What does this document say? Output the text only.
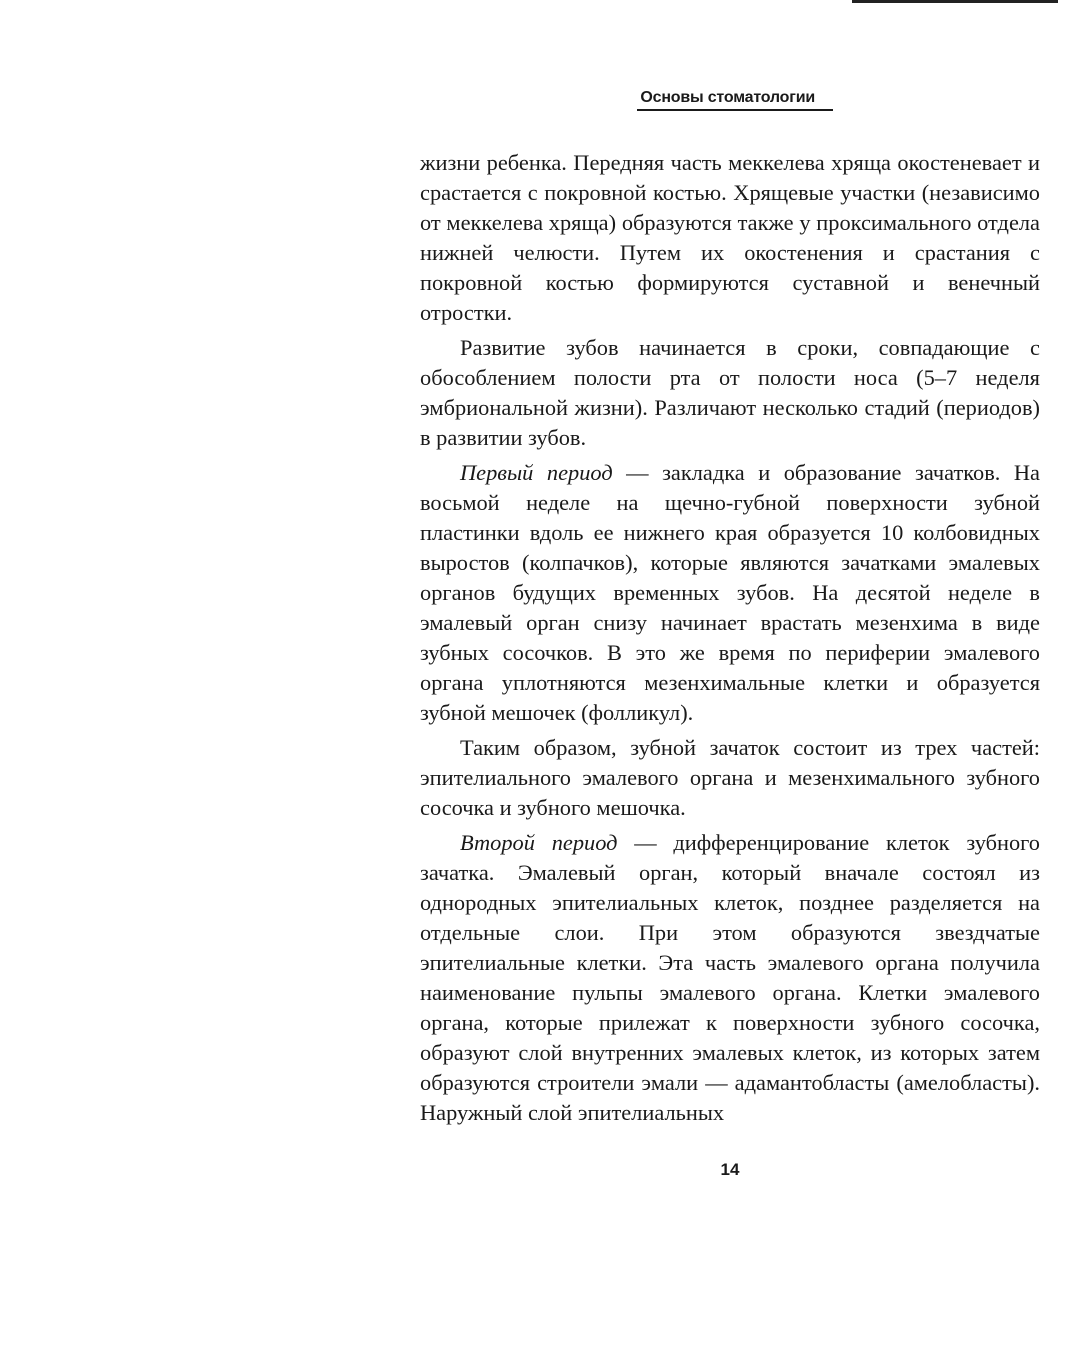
Основы стоматологии

жизни ребенка. Передняя часть меккелева хряща окостеневает и срастается с покровной костью. Хрящевые участки (независимо от меккелева хряща) образуются также у проксимального отдела нижней челюсти. Путем их окостенения и срастания с покровной костью формируются суставной и венечный отростки.

Развитие зубов начинается в сроки, совпадающие с обособлением полости рта от полости носа (5–7 неделя эмбриональной жизни). Различают несколько стадий (периодов) в развитии зубов.

Первый период — закладка и образование зачатков. На восьмой неделе на щечно-губной поверхности зубной пластинки вдоль ее нижнего края образуется 10 колбовидных выростов (колпачков), которые являются зачатками эмалевых органов будущих временных зубов. На десятой неделе в эмалевый орган снизу начинает врастать мезенхима в виде зубных сосочков. В это же время по периферии эмалевого органа уплотняются мезенхимальные клетки и образуется зубной мешочек (фолликул).

Таким образом, зубной зачаток состоит из трех частей: эпителиального эмалевого органа и мезенхимального зубного сосочка и зубного мешочка.

Второй период — дифференцирование клеток зубного зачатка. Эмалевый орган, который вначале состоял из однородных эпителиальных клеток, позднее разделяется на отдельные слои. При этом образуются звездчатые эпителиальные клетки. Эта часть эмалевого органа получила наименование пульпы эмалевого органа. Клетки эмалевого органа, которые прилежат к поверхности зубного сосочка, образуют слой внутренних эмалевых клеток, из которых затем образуются строители эмали — адамантобласты (амелобласты). Наружный слой эпителиальных

14
